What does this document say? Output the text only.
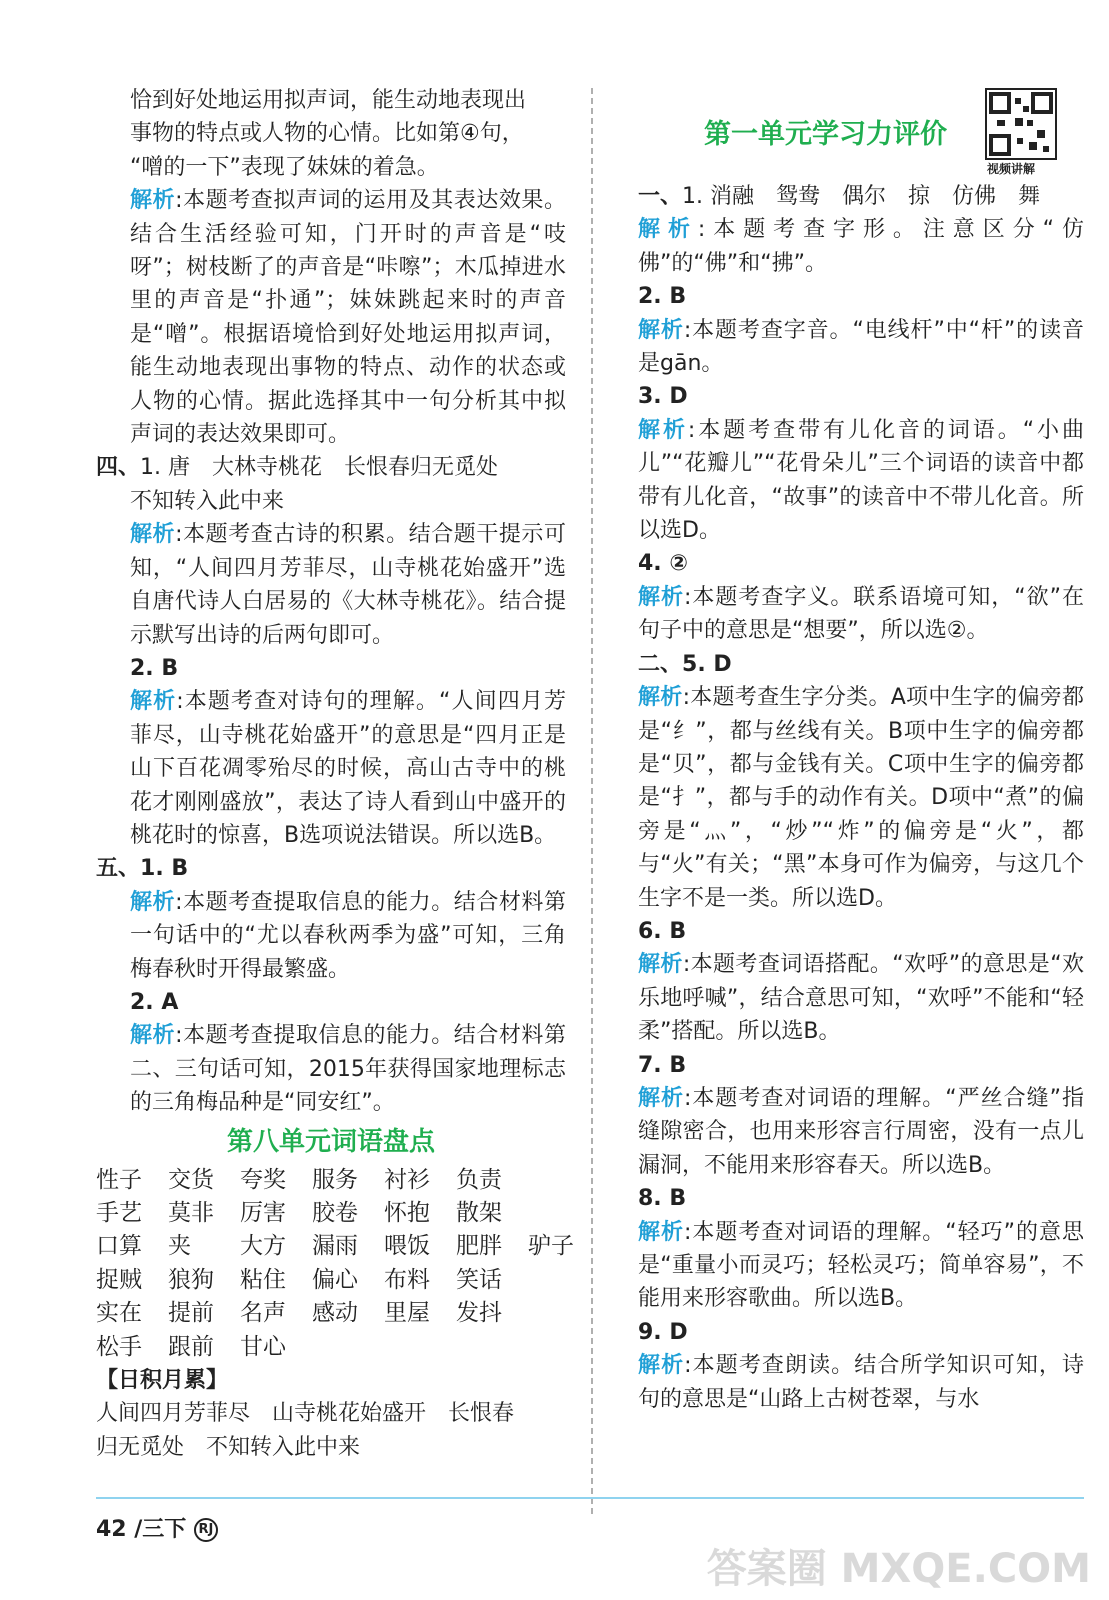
恰到好处地运用拟声词，能生动地表现出

事物的特点或人物的心情。比如第④句，

“噌的一下”表现了妹妹的着急。

解析:本题考查拟声词的运用及其表达效果。结合生活经验可知，门开时的声音是“吱呀”；树枝断了的声音是“咔嚓”；木瓜掉进水里的声音是“扑通”；妹妹跳起来时的声音是“噌”。根据语境恰到好处地运用拟声词，能生动地表现出事物的特点、动作的状态或人物的心情。据此选择其中一句分析其中拟声词的表达效果即可。

四、1. 唐　大林寺桃花　长恨春归无觅处

不知转入此中来

解析:本题考查古诗的积累。结合题干提示可知，“人间四月芳菲尽，山寺桃花始盛开”选自唐代诗人白居易的《大林寺桃花》。结合提示默写出诗的后两句即可。

2. B

解析:本题考查对诗句的理解。“人间四月芳菲尽，山寺桃花始盛开”的意思是“四月正是山下百花凋零殆尽的时候，高山古寺中的桃花才刚刚盛放”，表达了诗人看到山中盛开的桃花时的惊喜，B选项说法错误。所以选B。

五、1. B

解析:本题考查提取信息的能力。结合材料第一句话中的“尤以春秋两季为盛”可知，三角梅春秋时开得最繁盛。

2. A

解析:本题考查提取信息的能力。结合材料第二、三句话可知，2015年获得国家地理标志的三角梅品种是“同安红”。

第八单元词语盘点
性子	交货	夸奖	服务	衬衫	负责
手艺	莫非	厉害	胶卷	怀抱	散架
口算	夹	大方	漏雨	喂饭	肥胖	驴子
捉贼	狼狗	粘住	偏心	布料	笑话
实在	提前	名声	感动	里屋	发抖
松手	跟前	甘心
【日积月累】
人间四月芳菲尽　山寺桃花始盛开　长恨春
归无觅处　不知转入此中来
第一单元学习力评价
视频讲解

一、1. 消融　鸳鸯　偶尔　掠　仿佛　舞

解析:本题考查字形。注意区分“仿佛”的“佛”和“拂”。

2. B

解析:本题考查字音。“电线杆”中“杆”的读音是gān。

3. D

解析:本题考查带有儿化音的词语。“小曲儿”“花瓣儿”“花骨朵儿”三个词语的读音中都带有儿化音，“故事”的读音中不带儿化音。所以选D。

4. ②

解析:本题考查字义。联系语境可知，“欲”在句子中的意思是“想要”，所以选②。

二、5. D

解析:本题考查生字分类。A项中生字的偏旁都是“纟”，都与丝线有关。B项中生字的偏旁都是“贝”，都与金钱有关。C项中生字的偏旁都是“扌”，都与手的动作有关。D项中“煮”的偏旁是“灬”，“炒”“炸”的偏旁是“火”，都与“火”有关；“黑”本身可作为偏旁，与这几个生字不是一类。所以选D。

6. B

解析:本题考查词语搭配。“欢呼”的意思是“欢乐地呼喊”，结合意思可知，“欢呼”不能和“轻柔”搭配。所以选B。

7. B

解析:本题考查对词语的理解。“严丝合缝”指缝隙密合，也用来形容言行周密，没有一点儿漏洞，不能用来形容春天。所以选B。

8. B

解析:本题考查对词语的理解。“轻巧”的意思是“重量小而灵巧；轻松灵巧；简单容易”，不能用来形容歌曲。所以选B。

9. D

解析:本题考查朗读。结合所学知识可知，诗句的意思是“山路上古树苍翠，与水

42 /三下 RJ
答案圈 MXQE.COM
